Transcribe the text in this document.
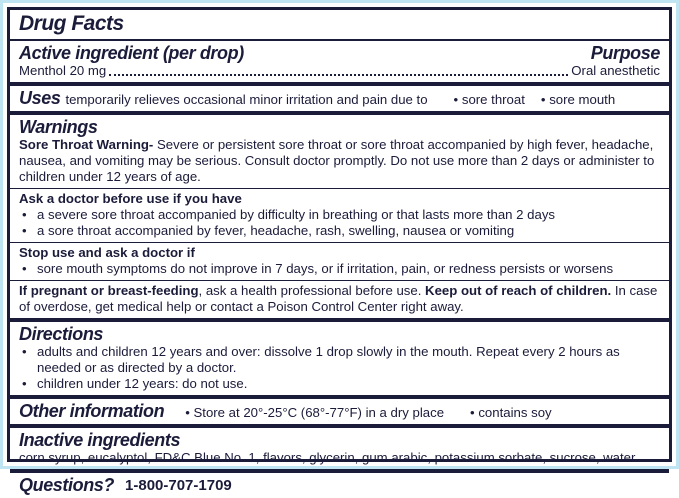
Drug Facts
Active ingredient (per drop)	Purpose
Menthol 20 mg	Oral anesthetic
Uses temporarily relieves occasional minor irritation and pain due to • sore throat • sore mouth
Warnings
Sore Throat Warning- Severe or persistent sore throat or sore throat accompanied by high fever, headache, nausea, and vomiting may be serious. Consult doctor promptly. Do not use more than 2 days or administer to children under 12 years of age.
Ask a doctor before use if you have
• a severe sore throat accompanied by difficulty in breathing or that lasts more than 2 days
• a sore throat accompanied by fever, headache, rash, swelling, nausea or vomiting
Stop use and ask a doctor if
• sore mouth symptoms do not improve in 7 days, or if irritation, pain, or redness persists or worsens
If pregnant or breast-feeding, ask a health professional before use. Keep out of reach of children. In case of overdose, get medical help or contact a Poison Control Center right away.
Directions
• adults and children 12 years and over: dissolve 1 drop slowly in the mouth. Repeat every 2 hours as needed or as directed by a doctor.
• children under 12 years: do not use.
Other information • Store at 20°-25°C (68°-77°F) in a dry place • contains soy
Inactive ingredients
corn syrup, eucalyptol, FD&C Blue No. 1, flavors, glycerin, gum arabic, potassium sorbate, sucrose, water
Questions? 1-800-707-1709
